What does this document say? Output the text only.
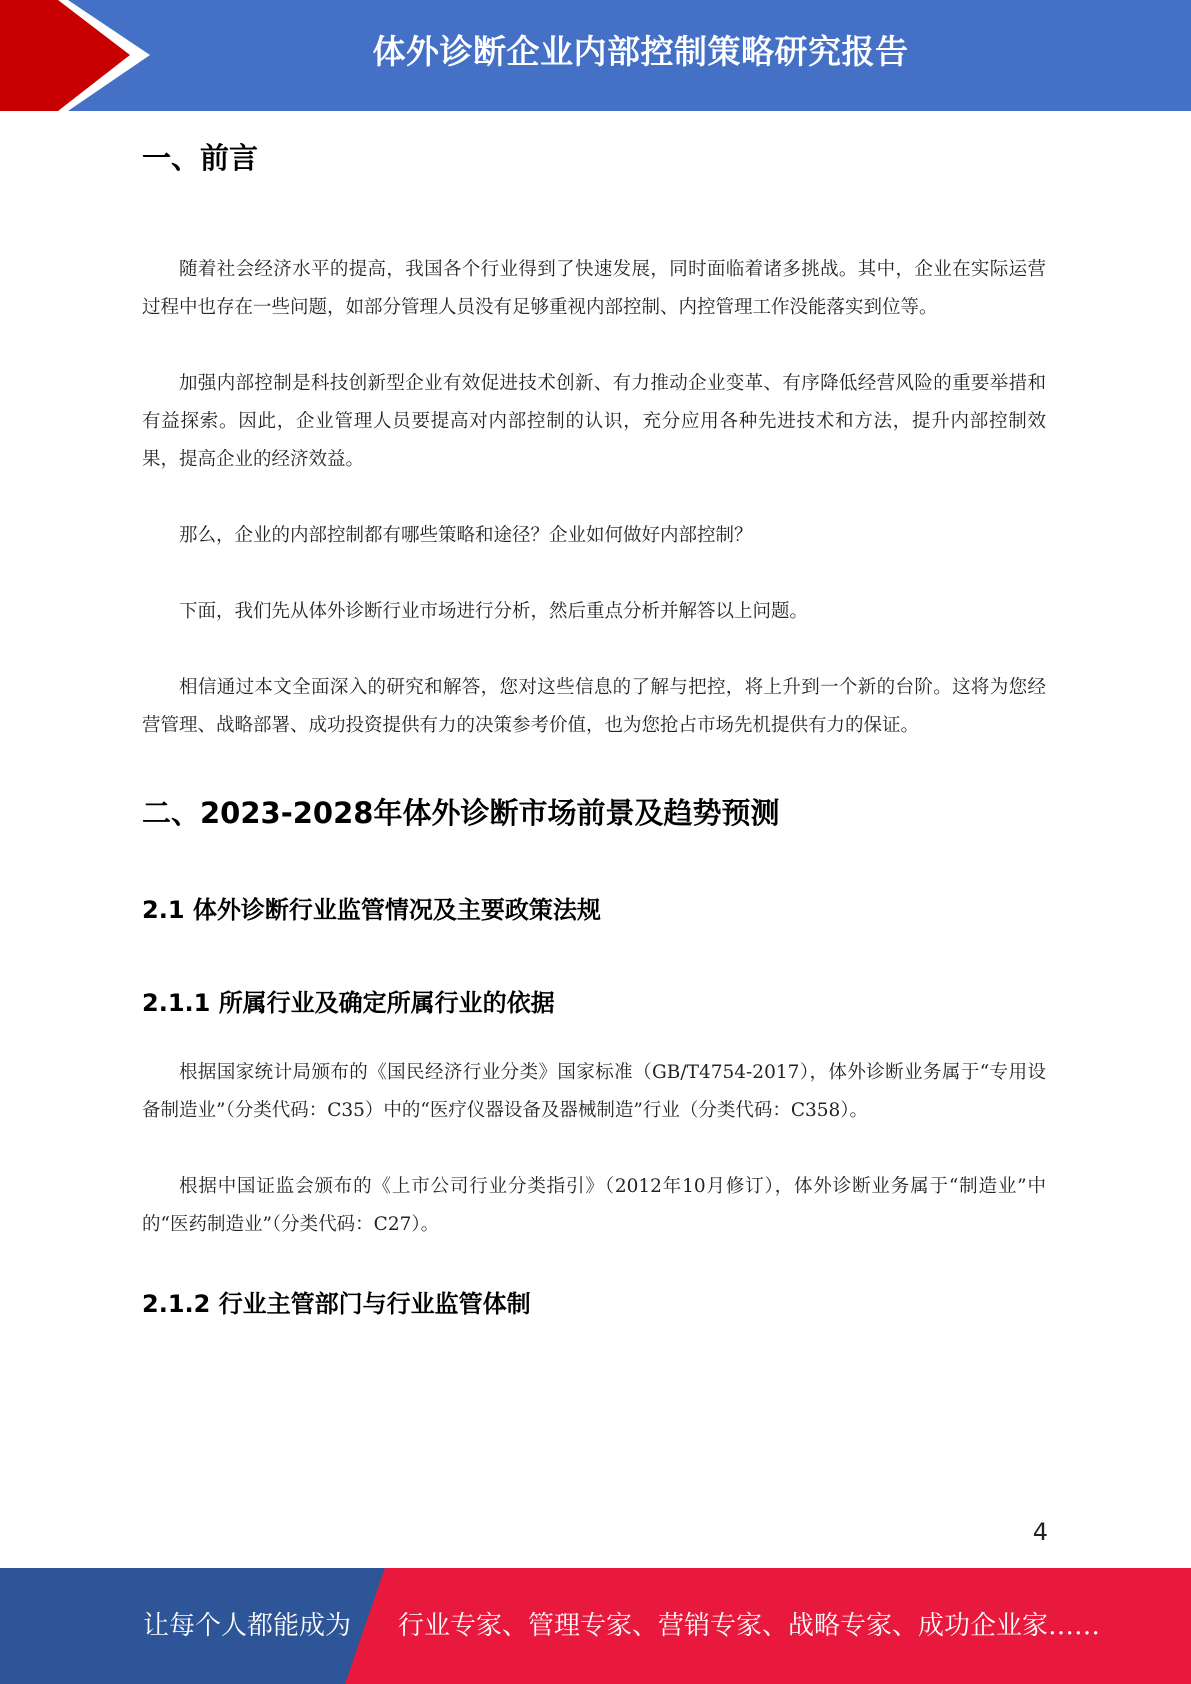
体外诊断企业内部控制策略研究报告
一、前言

随着社会经济水平的提高，我国各个行业得到了快速发展，同时面临着诸多挑战。其中，企业在实际运营过程中也存在一些问题，如部分管理人员没有足够重视内部控制、内控管理工作没能落实到位等。

加强内部控制是科技创新型企业有效促进技术创新、有力推动企业变革、有序降低经营风险的重要举措和有益探索。因此，企业管理人员要提高对内部控制的认识，充分应用各种先进技术和方法，提升内部控制效果，提高企业的经济效益。

那么，企业的内部控制都有哪些策略和途径？企业如何做好内部控制？

下面，我们先从体外诊断行业市场进行分析，然后重点分析并解答以上问题。

相信通过本文全面深入的研究和解答，您对这些信息的了解与把控，将上升到一个新的台阶。这将为您经营管理、战略部署、成功投资提供有力的决策参考价值，也为您抢占市场先机提供有力的保证。

二、2023-2028年体外诊断市场前景及趋势预测
2.1 体外诊断行业监管情况及主要政策法规
2.1.1 所属行业及确定所属行业的依据

根据国家统计局颁布的《国民经济行业分类》国家标准（GB/T4754-2017），体外诊断业务属于“专用设备制造业”（分类代码：C35）中的“医疗仪器设备及器械制造”行业（分类代码：C358）。

根据中国证监会颁布的《上市公司行业分类指引》（2012年10月修订），体外诊断业务属于“制造业”中的“医药制造业”（分类代码：C27）。

2.1.2 行业主管部门与行业监管体制
4
让每个人都能成为 行业专家、管理专家、营销专家、战略专家、成功企业家……
